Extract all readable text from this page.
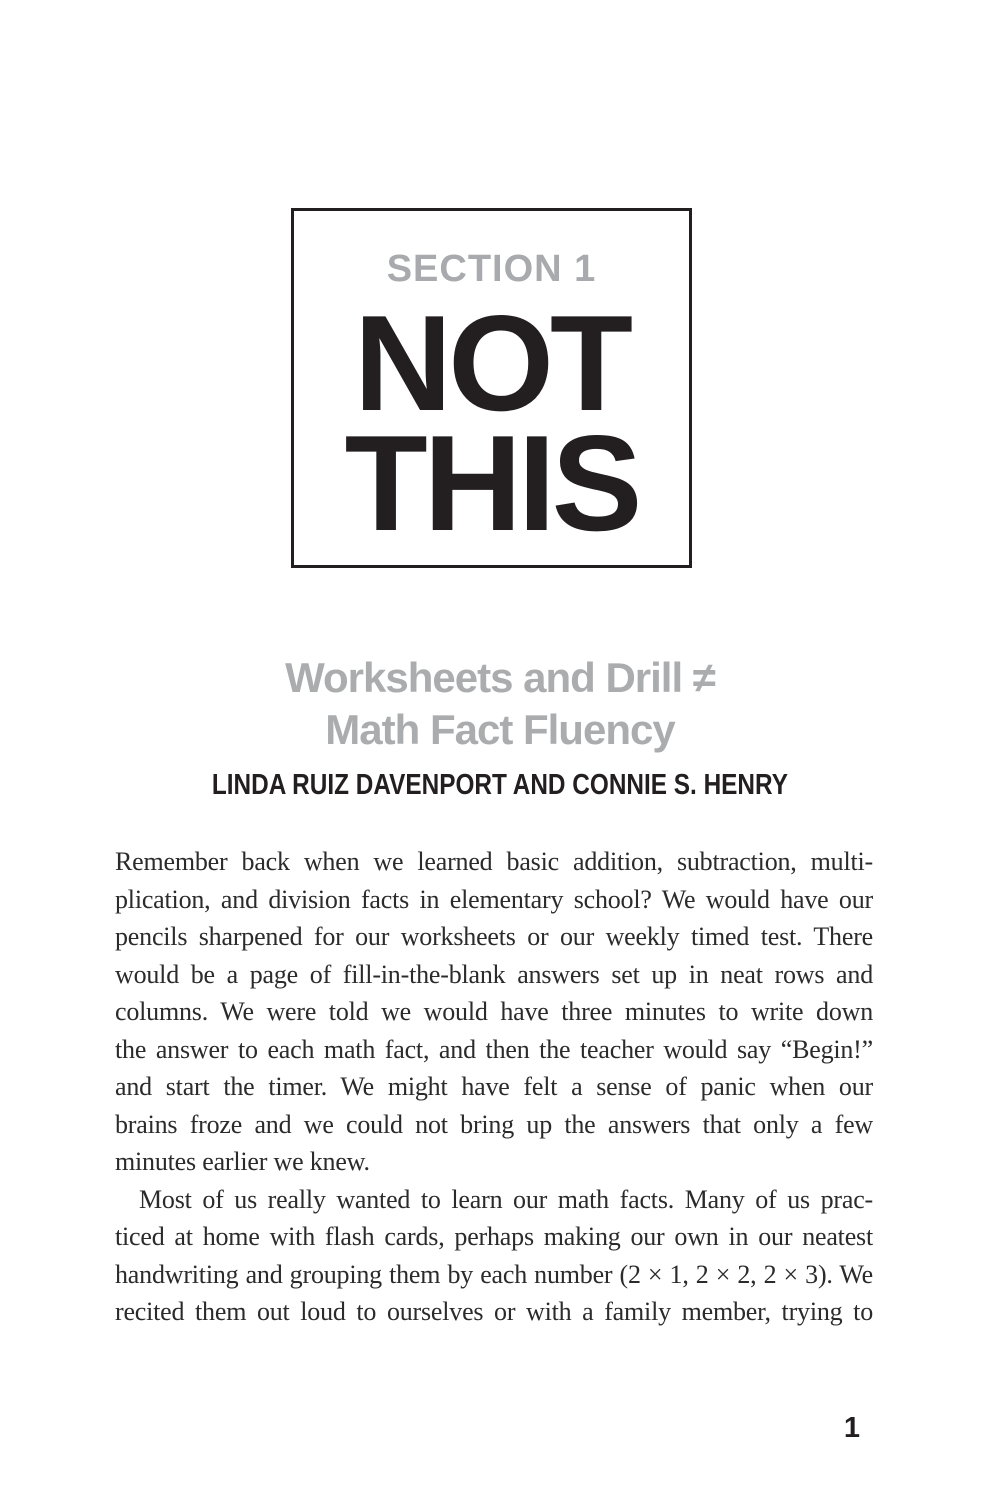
SECTION 1
NOT
THIS
Worksheets and Drill ≠
Math Fact Fluency
LINDA RUIZ DAVENPORT AND CONNIE S. HENRY
Remember back when we learned basic addition, subtraction, multi-
plication, and division facts in elementary school? We would have our
pencils sharpened for our worksheets or our weekly timed test. There
would be a page of fill-in-the-blank answers set up in neat rows and
columns. We were told we would have three minutes to write down
the answer to each math fact, and then the teacher would say “Begin!”
and start the timer. We might have felt a sense of panic when our
brains froze and we could not bring up the answers that only a few
minutes earlier we knew.
Most of us really wanted to learn our math facts. Many of us prac-
ticed at home with flash cards, perhaps making our own in our neatest
handwriting and grouping them by each number (2 × 1, 2 × 2, 2 × 3). We
recited them out loud to ourselves or with a family member, trying to
1
